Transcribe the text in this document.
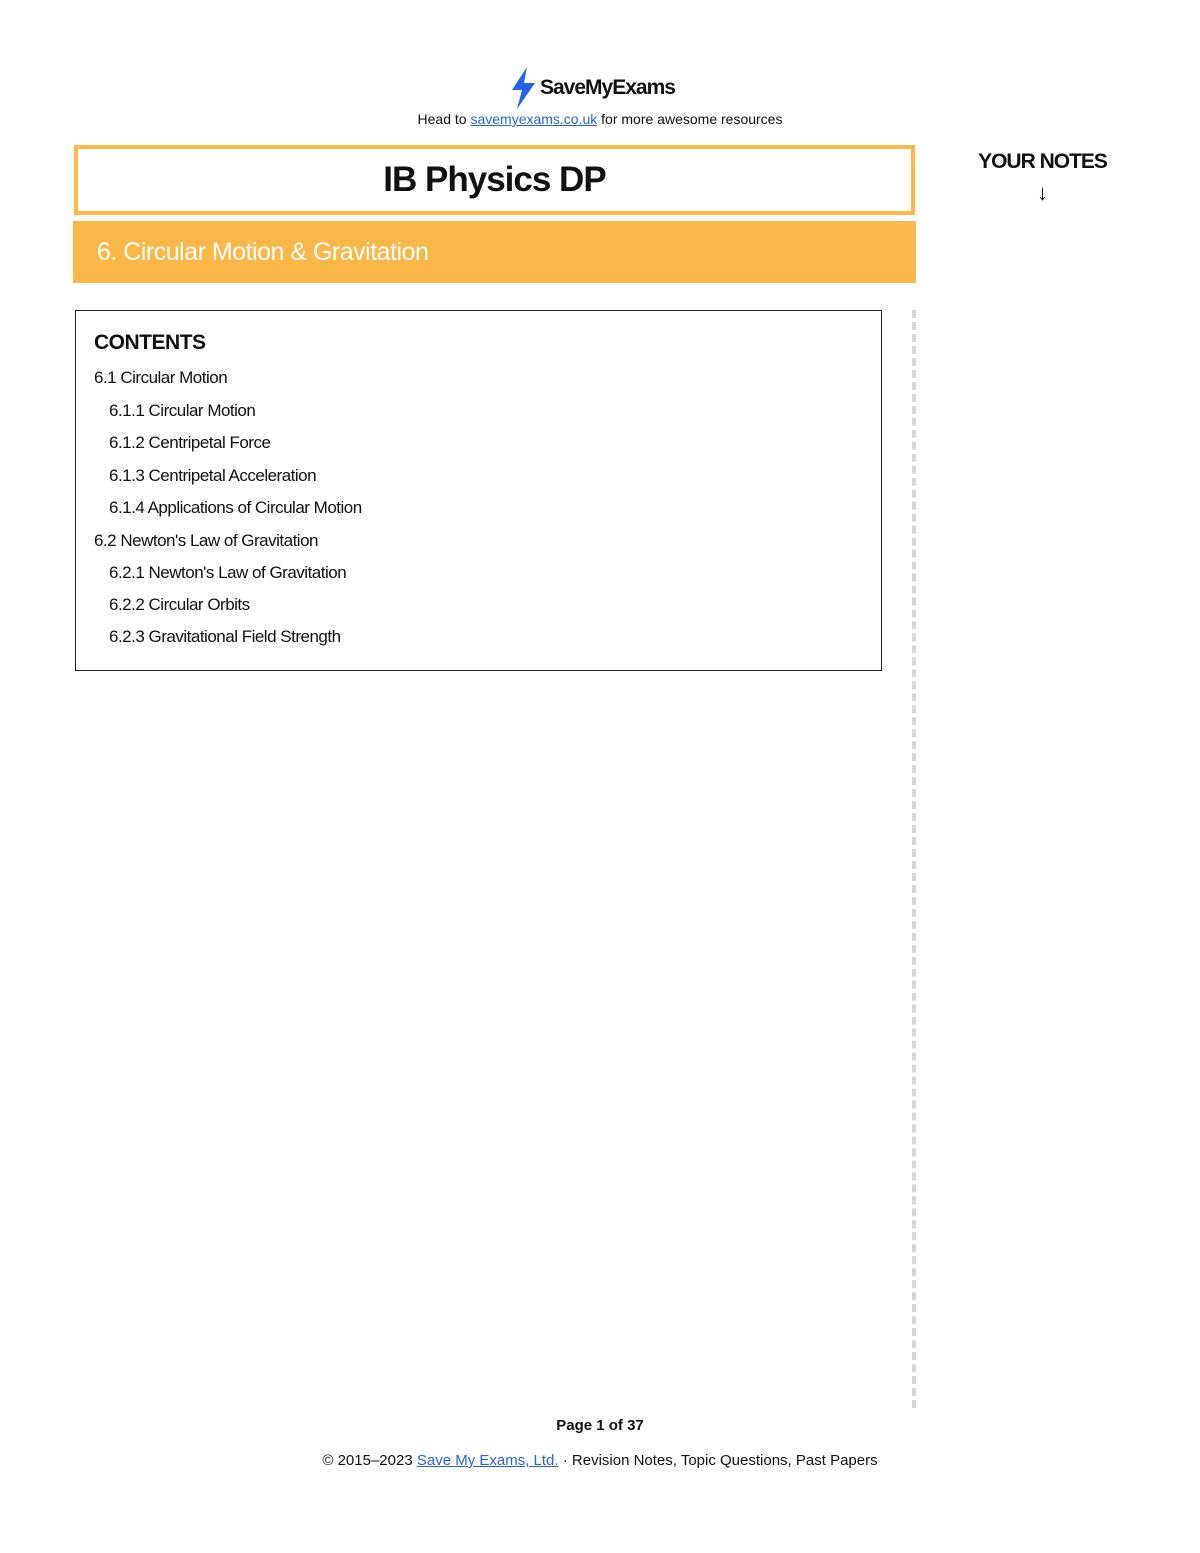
SaveMyExams
Head to savemyexams.co.uk for more awesome resources
IB Physics DP
6. Circular Motion & Gravitation
YOUR NOTES
↓
CONTENTS
6.1 Circular Motion
6.1.1 Circular Motion
6.1.2 Centripetal Force
6.1.3 Centripetal Acceleration
6.1.4 Applications of Circular Motion
6.2 Newton's Law of Gravitation
6.2.1 Newton's Law of Gravitation
6.2.2 Circular Orbits
6.2.3 Gravitational Field Strength
Page 1 of 37
© 2015–2023 Save My Exams, Ltd. · Revision Notes, Topic Questions, Past Papers
